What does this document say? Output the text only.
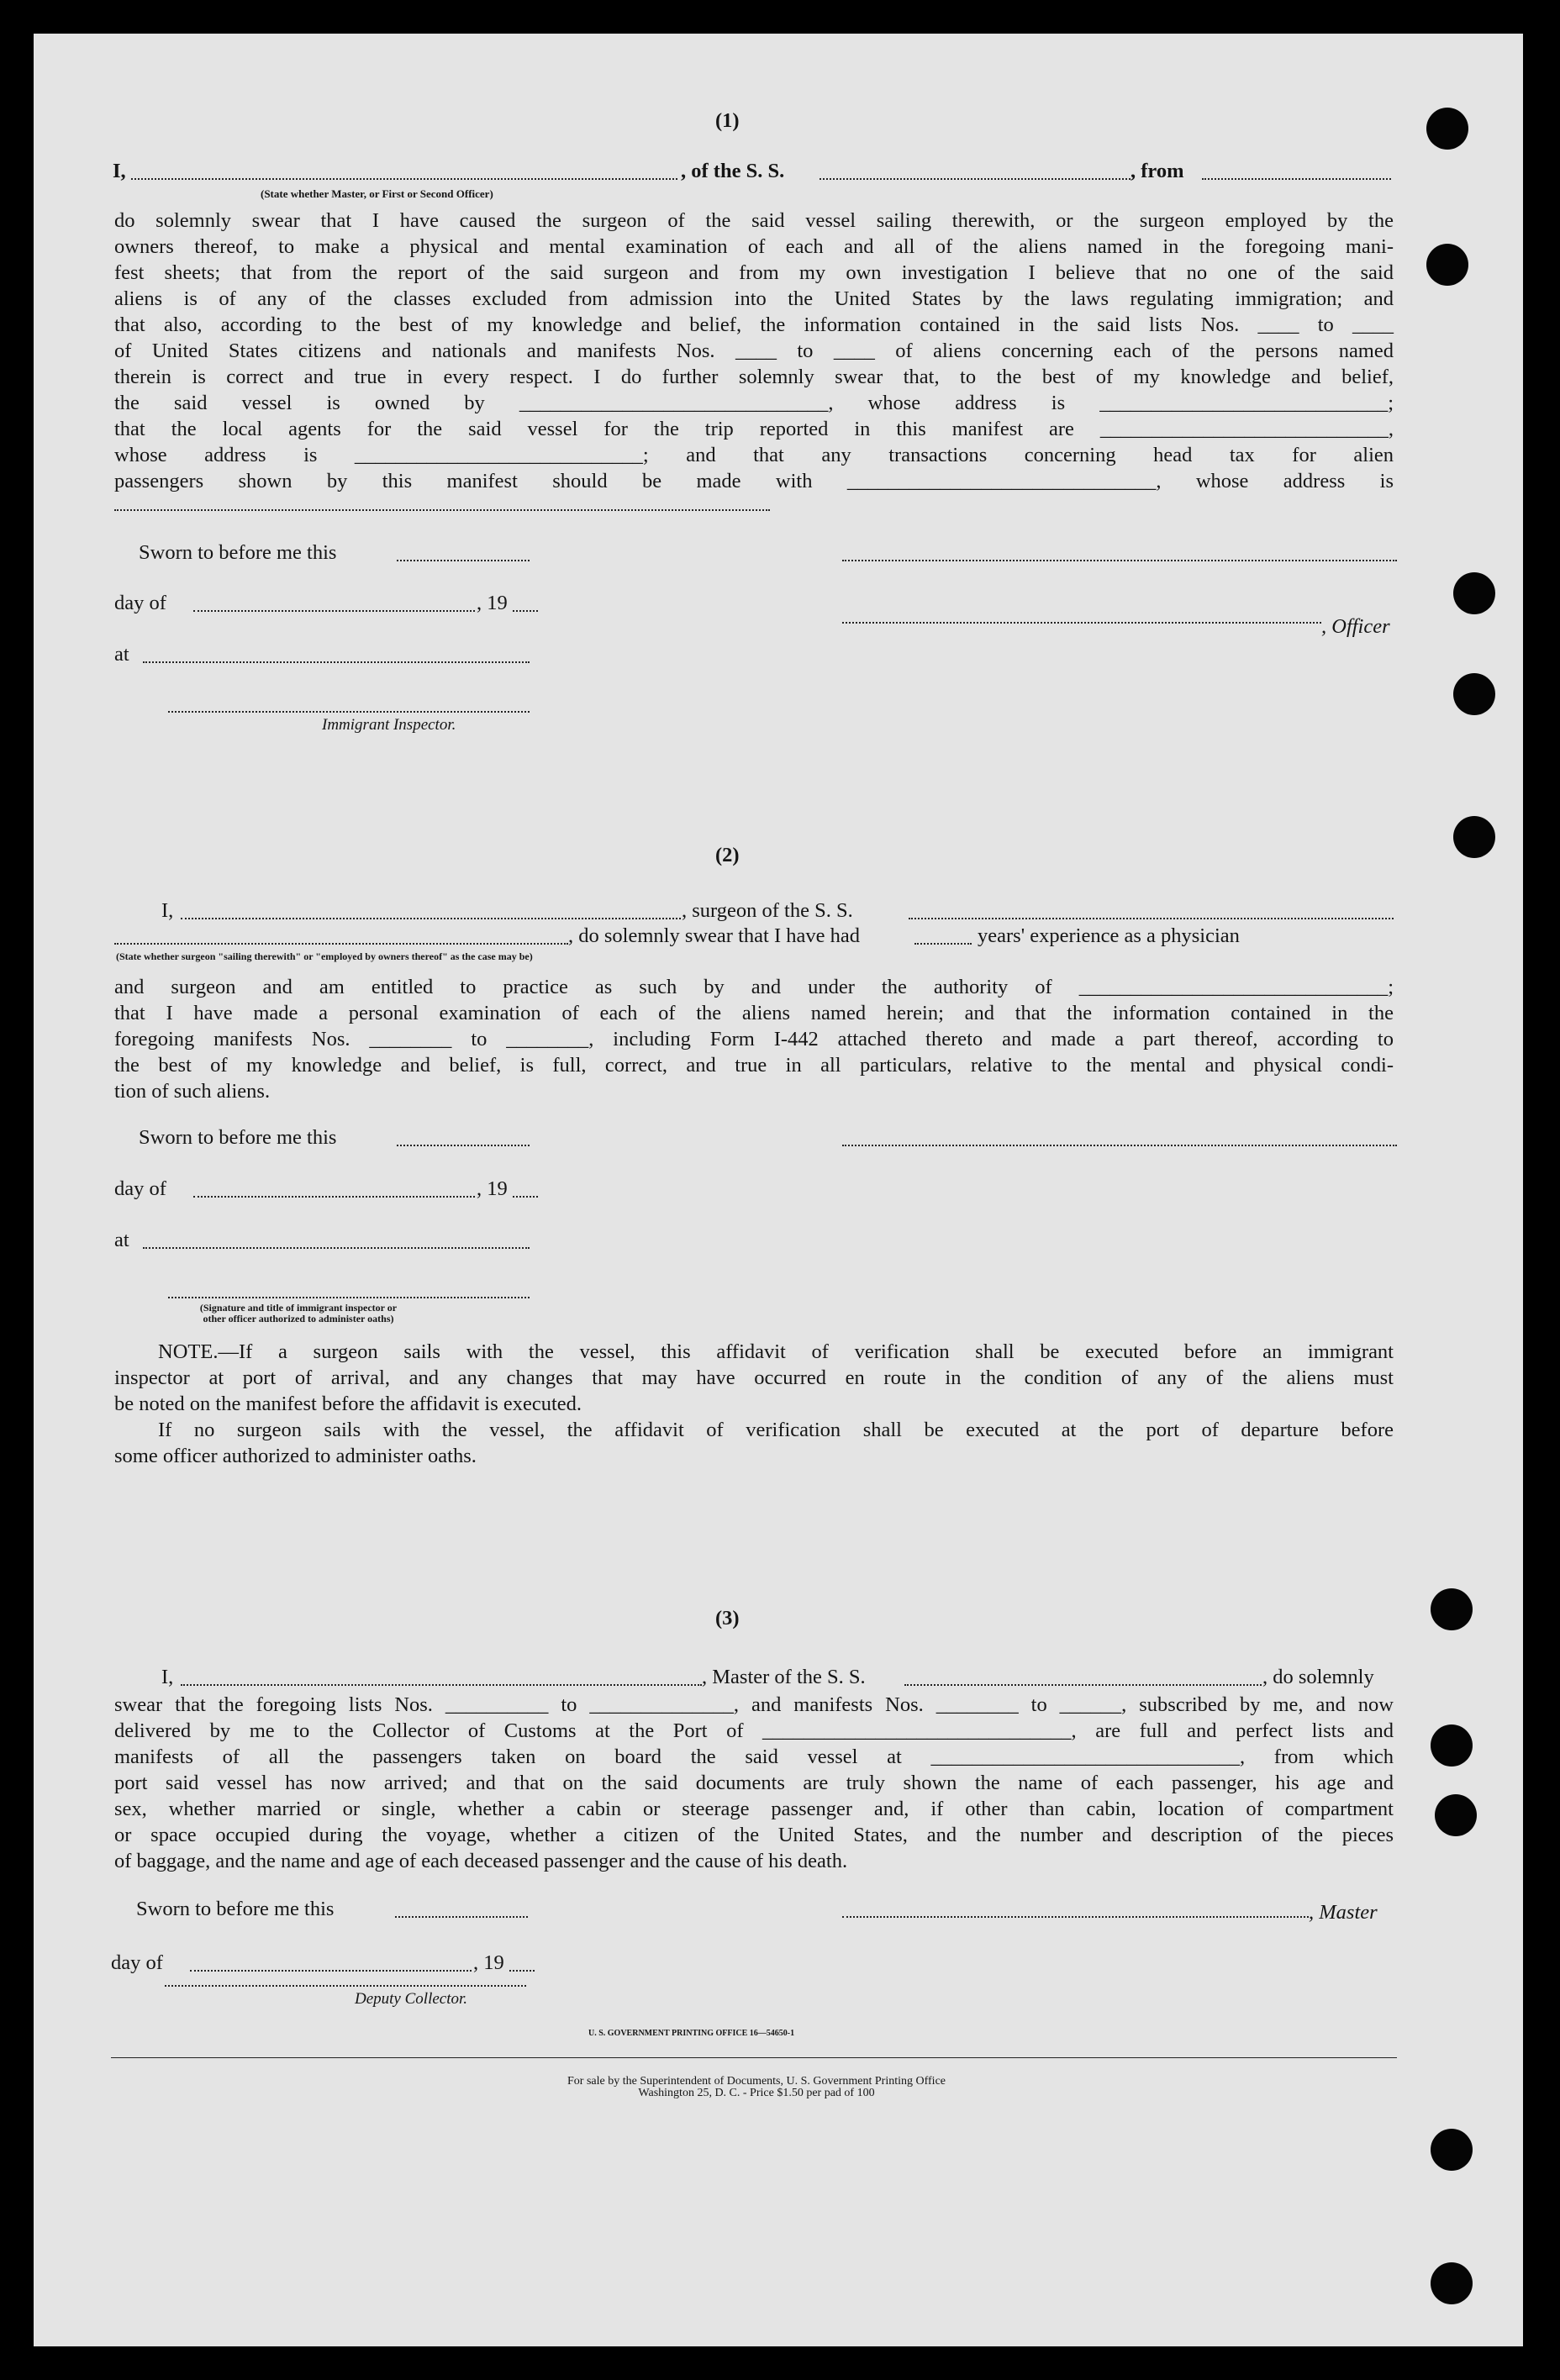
(1)
I,	, of the S. S.	, from
(State whether Master, or First or Second Officer)
do solemnly swear that I have caused the surgeon of the said vessel sailing therewith, or the surgeon employed by the
owners thereof, to make a physical and mental examination of each and all of the aliens named in the foregoing mani-
fest sheets; that from the report of the said surgeon and from my own investigation I believe that no one of the said
aliens is of any of the classes excluded from admission into the United States by the laws regulating immigration; and
that also, according to the best of my knowledge and belief, the information contained in the said lists Nos. ____ to ____
of United States citizens and nationals and manifests Nos. ____ to ____ of aliens concerning each of the persons named
therein is correct and true in every respect. I do further solemnly swear that, to the best of my knowledge and belief,
the said vessel is owned by ______________________________, whose address is ____________________________;
that the local agents for the said vessel for the trip reported in this manifest are ____________________________,
whose address is ____________________________; and that any transactions concerning head tax for alien
passengers shown by this manifest should be made with ______________________________, whose address is
Sworn to before me this
day of	, 19
, Officer
at
Immigrant Inspector.
(2)
I,	, surgeon of the S. S.
, do solemnly swear that I have had	years' experience as a physician
(State whether surgeon "sailing therewith" or "employed by owners thereof" as the case may be)
and surgeon and am entitled to practice as such by and under the authority of ______________________________;
that I have made a personal examination of each of the aliens named herein; and that the information contained in the
foregoing manifests Nos. ________ to ________, including Form I-442 attached thereto and made a part thereof, according to
the best of my knowledge and belief, is full, correct, and true in all particulars, relative to the mental and physical condi-
tion of such aliens.
Sworn to before me this
day of	, 19
at
(Signature and title of immigrant inspector or
other officer authorized to administer oaths)
NOTE.—If a surgeon sails with the vessel, this affidavit of verification shall be executed before an immigrant
inspector at port of arrival, and any changes that may have occurred en route in the condition of any of the aliens must
be noted on the manifest before the affidavit is executed.
If no surgeon sails with the vessel, the affidavit of verification shall be executed at the port of departure before
some officer authorized to administer oaths.
(3)
I,	, Master of the S. S.	, do solemnly
swear that the foregoing lists Nos. __________ to ______________, and manifests Nos. ________ to ______, subscribed by me, and now
delivered by me to the Collector of Customs at the Port of ______________________________, are full and perfect lists and
manifests of all the passengers taken on board the said vessel at ______________________________, from which
port said vessel has now arrived; and that on the said documents are truly shown the name of each passenger, his age and
sex, whether married or single, whether a cabin or steerage passenger and, if other than cabin, location of compartment
or space occupied during the voyage, whether a citizen of the United States, and the number and description of the pieces
of baggage, and the name and age of each deceased passenger and the cause of his death.
Sworn to before me this	, Master
day of	, 19
Deputy Collector.
U. S. GOVERNMENT PRINTING OFFICE 16—54650-1
For sale by the Superintendent of Documents, U. S. Government Printing Office
Washington 25, D. C. - Price $1.50 per pad of 100
